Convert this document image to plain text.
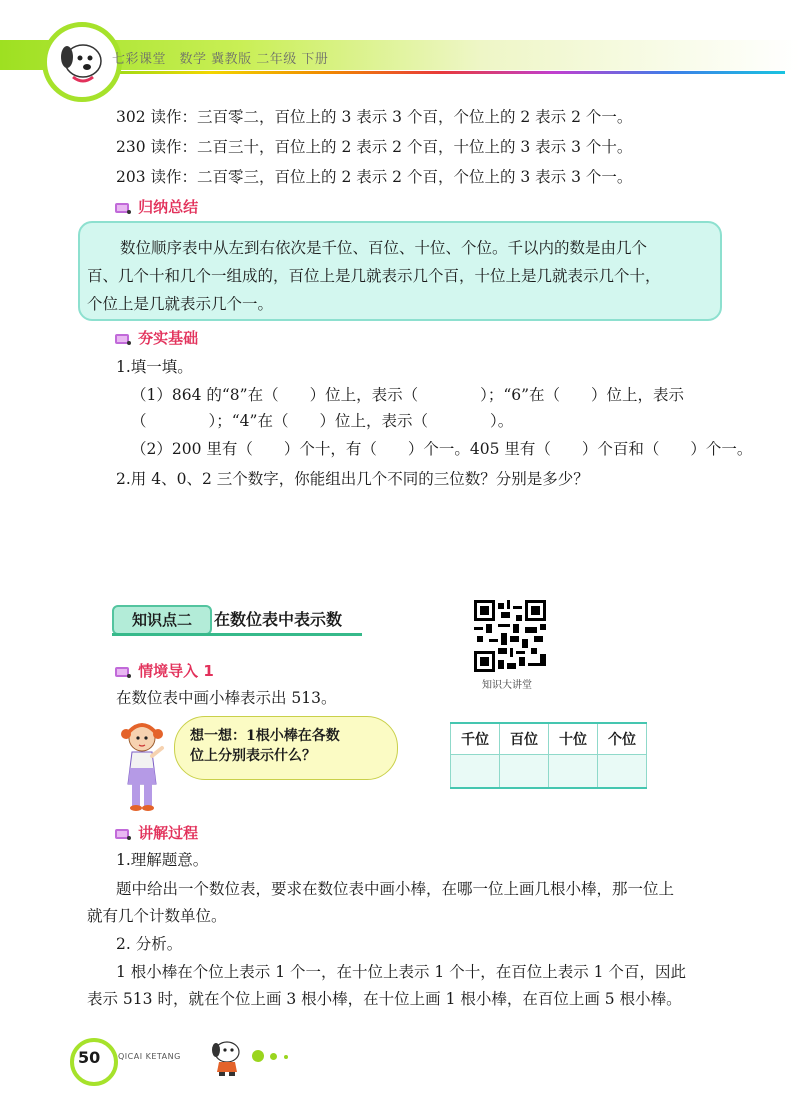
七彩课堂　数学 冀教版 二年级 下册
302 读作：三百零二，百位上的 3 表示 3 个百，个位上的 2 表示 2 个一。
230 读作：二百三十，百位上的 2 表示 2 个百，十位上的 3 表示 3 个十。
203 读作：二百零三，百位上的 2 表示 2 个百，个位上的 3 表示 3 个一。
归纳总结
数位顺序表中从左到右依次是千位、百位、十位、个位。千以内的数是由几个
百、几个十和几个一组成的，百位上是几就表示几个百，十位上是几就表示几个十，
个位上是几就表示几个一。
夯实基础
1.填一填。
（1）864 的“8”在（　　）位上，表示（　　　　）；“6”在（　　）位上，表示
（　　　　）；“4”在（　　）位上，表示（　　　　）。
（2）200 里有（　　）个十，有（　　）个一。405 里有（　　）个百和（　　）个一。
2.用 4、0、2 三个数字，你能组出几个不同的三位数？分别是多少？
知识点二	在数位表中表示数
知识大讲堂
情境导入 1
在数位表中画小棒表示出 513。
想一想：1根小棒在各数
位上分别表示什么？
千位	百位	十位	个位

讲解过程
1.理解题意。
题中给出一个数位表，要求在数位表中画小棒，在哪一位上画几根小棒，那一位上
就有几个计数单位。
2. 分析。
1 根小棒在个位上表示 1 个一，在十位上表示 1 个十，在百位上表示 1 个百，因此
表示 513 时，就在个位上画 3 根小棒，在十位上画 1 根小棒，在百位上画 5 根小棒。
50 QICAI KETANG
